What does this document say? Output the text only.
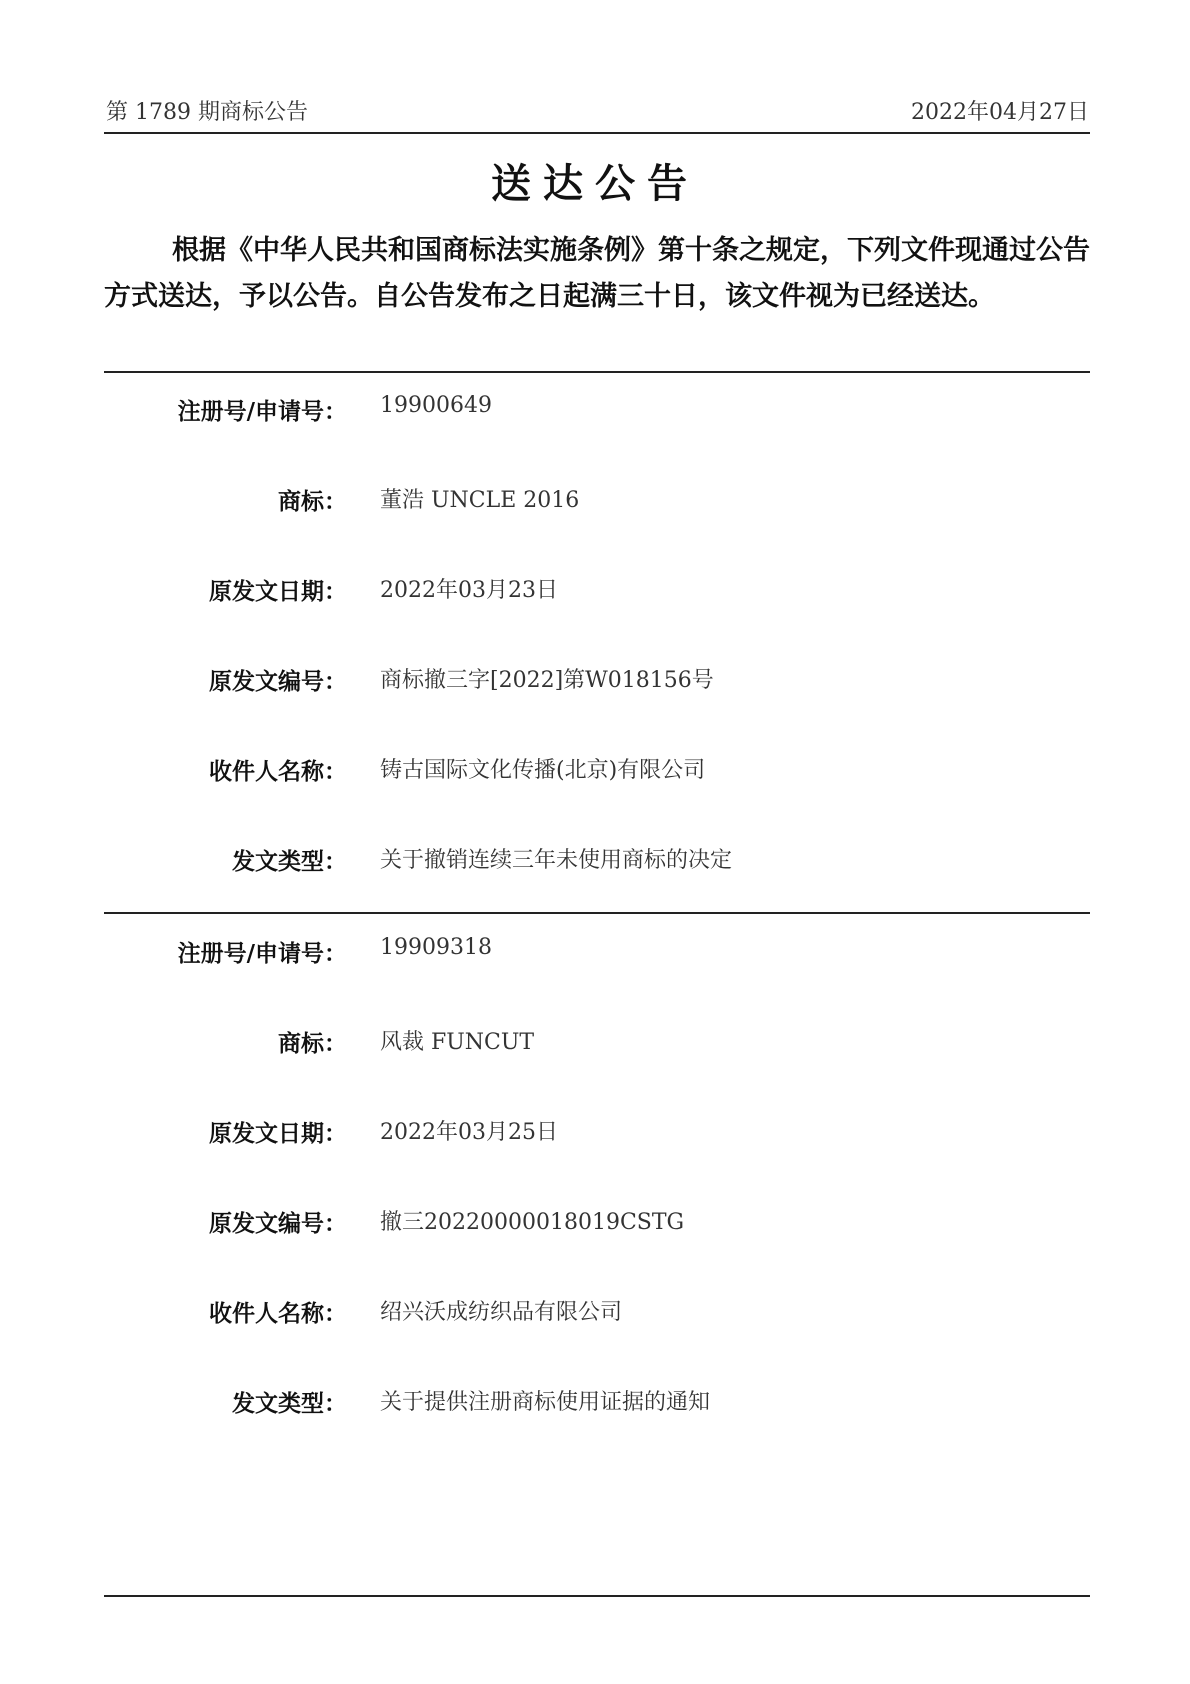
第 1789 期商标公告	2022年04月27日
送达公告
根据《中华人民共和国商标法实施条例》第十条之规定，下列文件现通过公告方式送达，予以公告。自公告发布之日起满三十日，该文件视为已经送达。
注册号/申请号： 19900649
商标： 董浩 UNCLE 2016
原发文日期： 2022年03月23日
原发文编号： 商标撤三字[2022]第W018156号
收件人名称： 铸古国际文化传播(北京)有限公司
发文类型： 关于撤销连续三年未使用商标的决定
注册号/申请号： 19909318
商标： 风裁 FUNCUT
原发文日期： 2022年03月25日
原发文编号： 撤三20220000018019CSTG
收件人名称： 绍兴沃成纺织品有限公司
发文类型： 关于提供注册商标使用证据的通知
